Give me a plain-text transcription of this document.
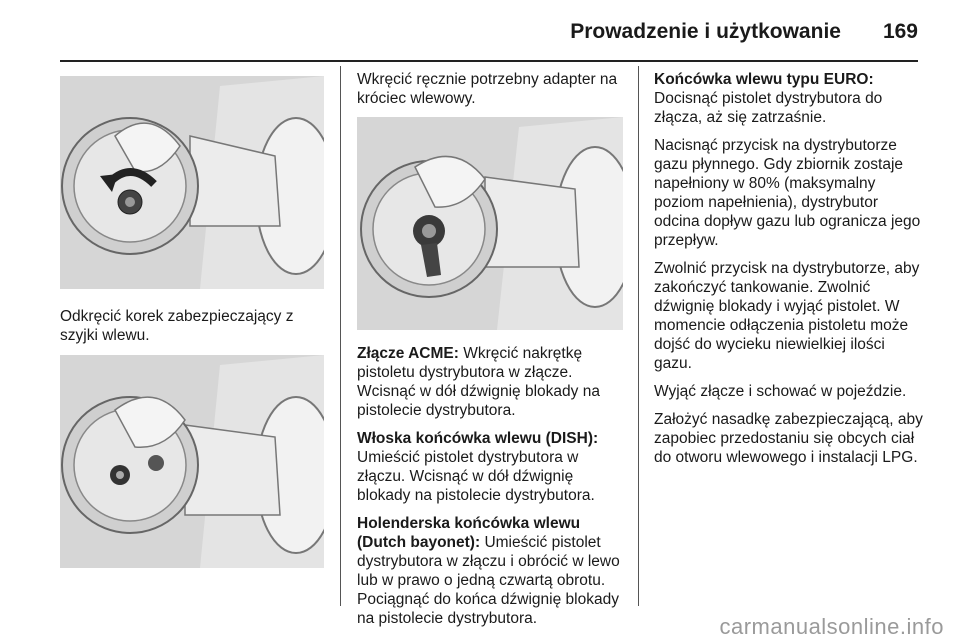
Prowadzenie i użytkowanie 169

Odkręcić korek zabezpieczający z szyjki wlewu.

Wkręcić ręcznie potrzebny adapter na króciec wlewowy.

Złącze ACME: Wkręcić nakrętkę pistoletu dystrybutora w złącze. Wcisnąć w dół dźwignię blokady na pistolecie dystrybutora.

Włoska końcówka wlewu (DISH):
Umieścić pistolet dystrybutora w złączu. Wcisnąć w dół dźwignię blokady na pistolecie dystrybutora.

Holenderska końcówka wlewu (Dutch bayonet): Umieścić pistolet dystrybutora w złączu i obrócić w lewo lub w prawo o jedną czwartą obrotu. Pociągnąć do końca dźwignię blokady na pistolecie dystrybutora.

Końcówka wlewu typu EURO:
Docisnąć pistolet dystrybutora do złącza, aż się zatrzaśnie.

Nacisnąć przycisk na dystrybutorze gazu płynnego. Gdy zbiornik zostaje napełniony w 80% (maksymalny poziom napełnienia), dystrybutor odcina dopływ gazu lub ogranicza jego przepływ.

Zwolnić przycisk na dystrybutorze, aby zakończyć tankowanie. Zwolnić dźwignię blokady i wyjąć pistolet. W momencie odłączenia pistoletu może dojść do wycieku niewielkiej ilości gazu.

Wyjąć złącze i schować w pojeździe.

Założyć nasadkę zabezpieczającą, aby zapobiec przedostaniu się obcych ciał do otworu wlewowego i instalacji LPG.

carmanualsonline.info
